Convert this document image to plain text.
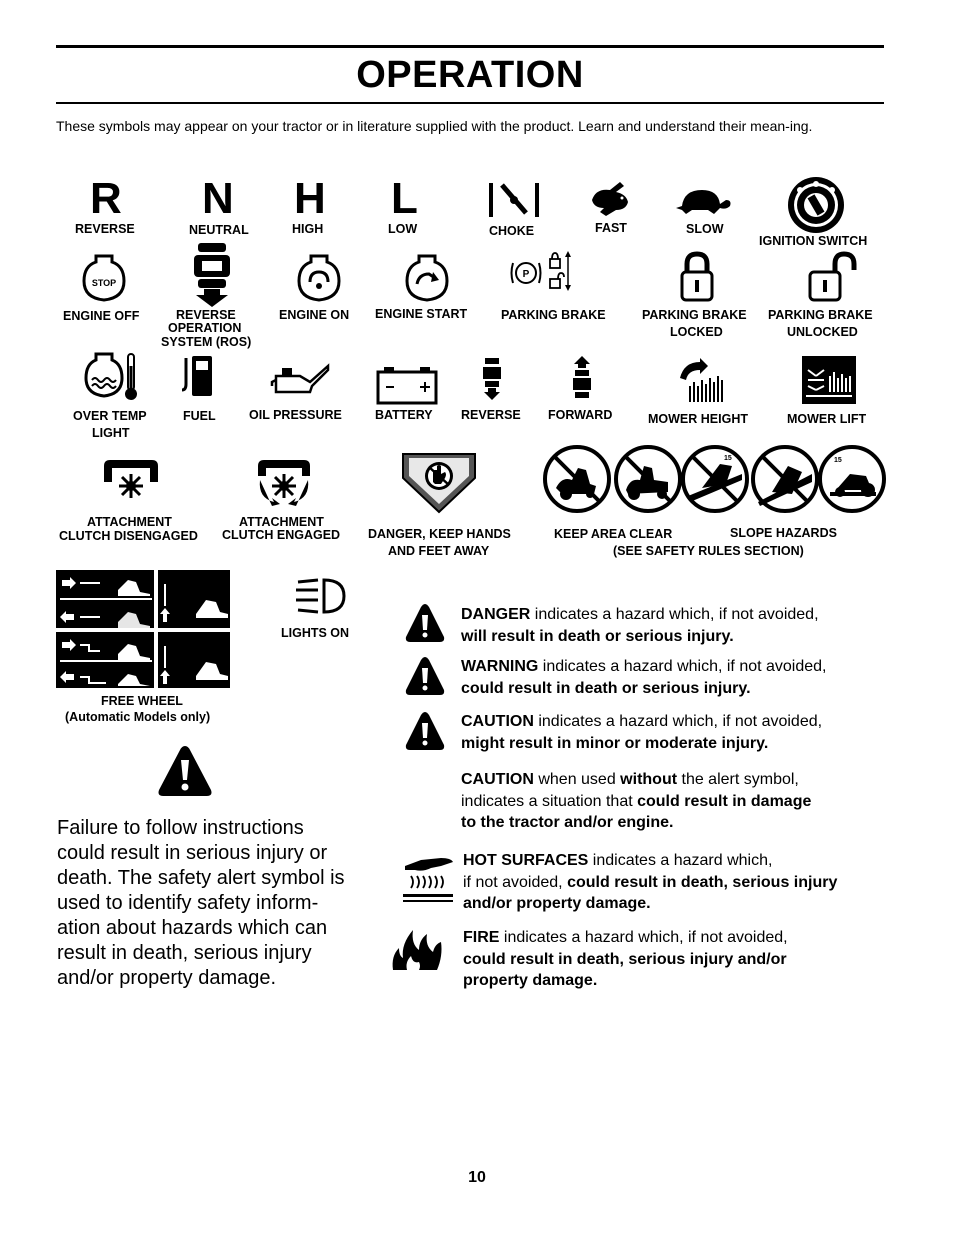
OPERATION
These symbols may appear on your tractor or in literature supplied with the product. Learn and understand their mean-ing.
R
REVERSE
N
NEUTRAL
H
HIGH
L
LOW	CHOKE	FAST	SLOW
IGNITION SWITCH
STOP
ENGINE OFF	REVERSE
OPERATION
SYSTEM (ROS)
ENGINE ON ENGINE START
P
PARKING BRAKE	PARKING BRAKE
LOCKED
PARKING BRAKE
UNLOCKED
OVER TEMP
LIGHT
FUEL	OIL PRESSURE	BATTERY REVERSE FORWARD	MOWER HEIGHT	MOWER LIFT
ATTACHMENT
CLUTCH DISENGAGED
ATTACHMENT
CLUTCH ENGAGED DANGER, KEEP HANDS
AND FEET AWAY
KEEP AREA CLEAR
15	15
SLOPE HAZARDS
(SEE SAFETY RULES SECTION)
FREE WHEEL
(Automatic Models only)
LIGHTS ON
Failure to follow instructions could result in serious injury or death. The safety alert symbol is used to identify safety inform-ation about hazards which can result in death, serious injury and/or property damage.
DANGER indicates a hazard which, if not avoided,
will result in death or serious injury.
WARNING indicates a hazard which, if not avoided,
could result in death or serious injury.
CAUTION indicates a hazard which, if not avoided,
might result in minor or moderate injury.
CAUTION when used without the alert symbol,
indicates a situation that could result in damage
to the tractor and/or engine.
HOT SURFACES indicates a hazard which,
if not avoided, could result in death, serious injury
and/or property damage.
FIRE indicates a hazard which, if not avoided,
could result in death, serious injury and/or
property damage.
10
